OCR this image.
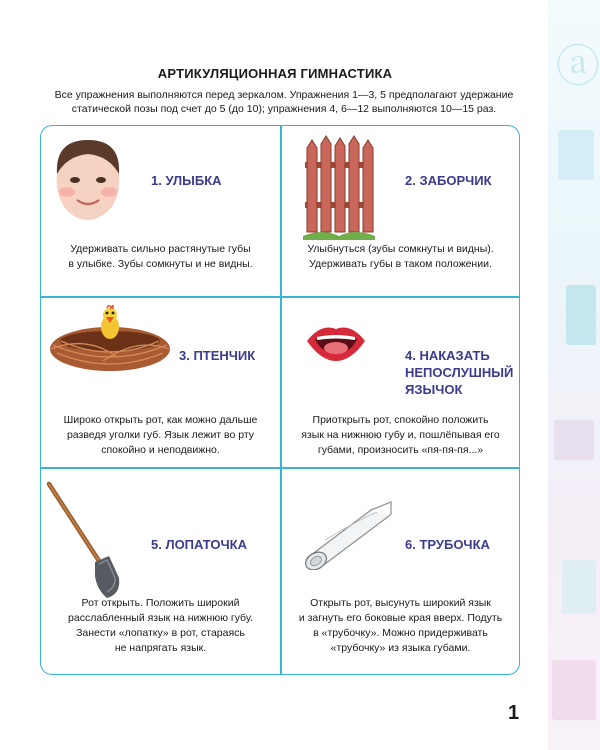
ⓐ
АРТИКУЛЯЦИОННАЯ ГИМНАСТИКА
Все упражнения выполняются перед зеркалом. Упражнения 1—3, 5 предполагают удержание статической позы под счет до 5 (до 10); упражнения 4, 6—12 выполняются 10—15 раз.
1. УЛЫБКА
Удерживать сильно растянутые губы
в улыбке. Зубы сомкнуты и не видны.
2. ЗАБОРЧИК
Улыбнуться (зубы сомкнуты и видны).
Удерживать губы в таком положении.
3. ПТЕНЧИК
Широко открыть рот, как можно дальше
разведя уголки губ. Язык лежит во рту
спокойно и неподвижно.
4. НАКАЗАТЬ
НЕПОСЛУШНЫЙ
ЯЗЫЧОК
Приоткрыть рот, спокойно положить
язык на нижнюю губу и, пошлёпывая его
губами, произносить «пя-пя-пя...»
5. ЛОПАТОЧКА
Рот открыть. Положить широкий
расслабленный язык на нижнюю губу.
Занести «лопатку» в рот, стараясь
не напрягать язык.
6. ТРУБОЧКА
Открыть рот, высунуть широкий язык
и загнуть его боковые края вверх. Подуть
в «трубочку». Можно придерживать
«трубочку» из языка губами.
1
